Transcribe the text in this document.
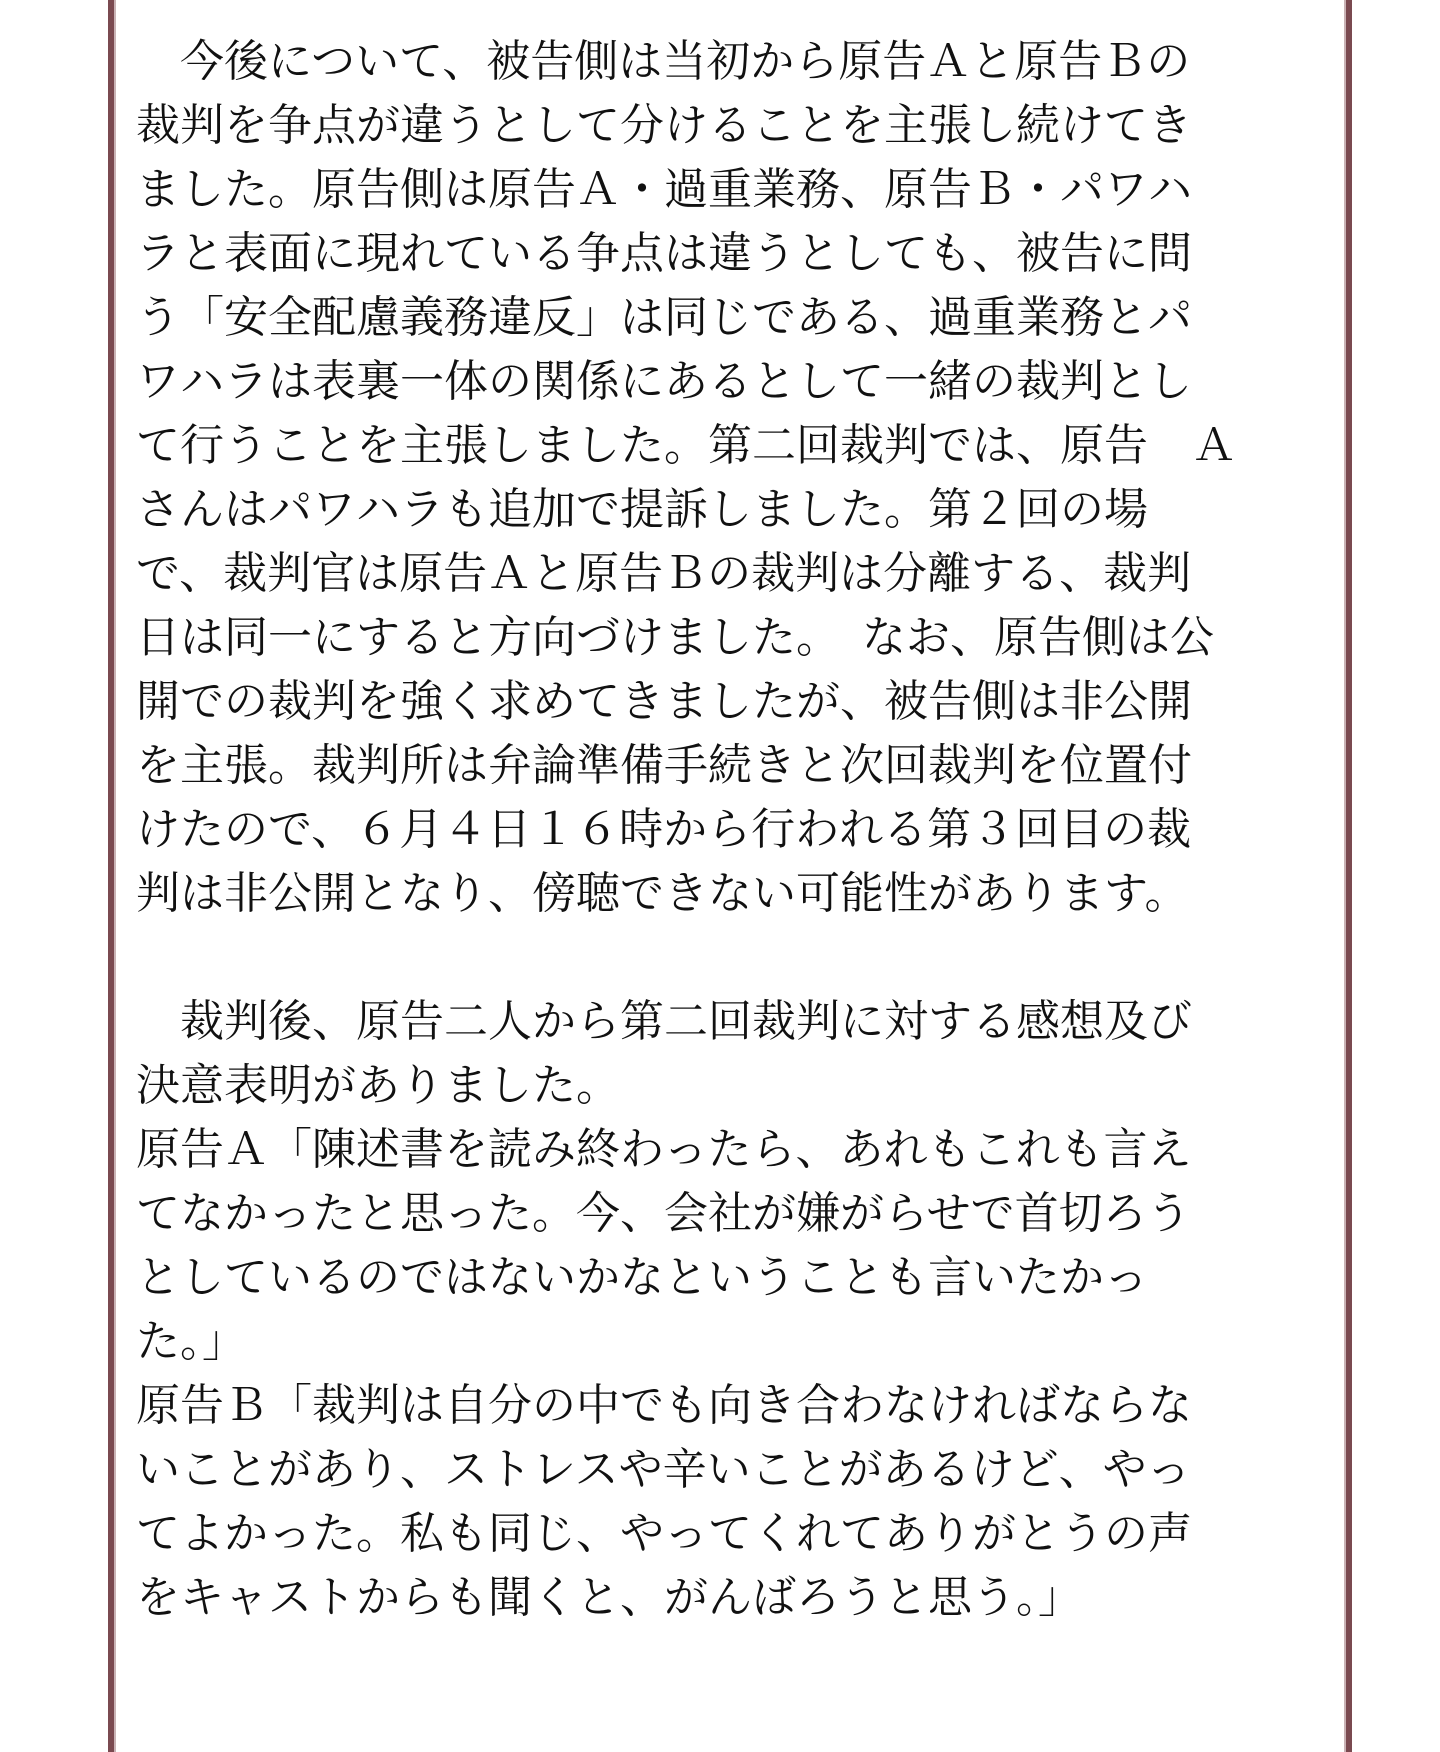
　今後について、被告側は当初から原告Ａと原告Ｂの
裁判を争点が違うとして分けることを主張し続けてき
ました。原告側は原告Ａ・過重業務、原告Ｂ・パワハ
ラと表面に現れている争点は違うとしても、被告に問
う「安全配慮義務違反」は同じである、過重業務とパ
ワハラは表裏一体の関係にあるとして一緒の裁判とし
て行うことを主張しました。第二回裁判では、原告　Ａ
さんはパワハラも追加で提訴しました。第２回の場
で、裁判官は原告Ａと原告Ｂの裁判は分離する、裁判
日は同一にすると方向づけました。　なお、原告側は公
開での裁判を強く求めてきましたが、被告側は非公開
を主張。裁判所は弁論準備手続きと次回裁判を位置付
けたので、６月４日１６時から行われる第３回目の裁
判は非公開となり、傍聴できない可能性があります。
　裁判後、原告二人から第二回裁判に対する感想及び
決意表明がありました。
原告Ａ「陳述書を読み終わったら、あれもこれも言え
てなかったと思った。今、会社が嫌がらせで首切ろう
としているのではないかなということも言いたかっ
た。」
原告Ｂ「裁判は自分の中でも向き合わなければならな
いことがあり、ストレスや辛いことがあるけど、やっ
てよかった。私も同じ、やってくれてありがとうの声
をキャストからも聞くと、がんばろうと思う。」
